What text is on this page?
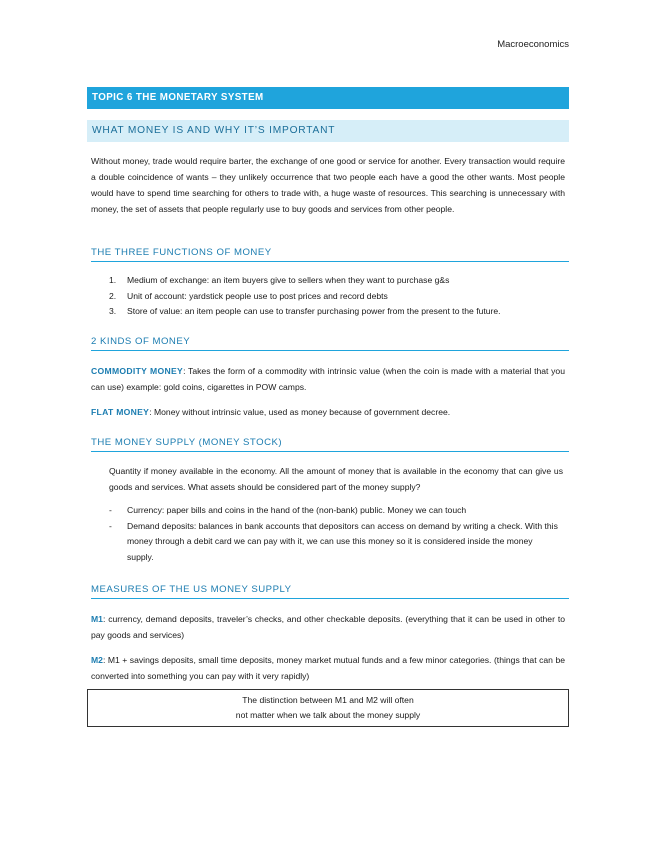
Macroeconomics
TOPIC 6 THE MONETARY SYSTEM
WHAT MONEY IS AND WHY IT’S IMPORTANT
Without money, trade would require barter, the exchange of one good or service for another. Every transaction would require a double coincidence of wants – they unlikely occurrence that two people each have a good the other wants. Most people would have to spend time searching for others to trade with, a huge waste of resources. This searching is unnecessary with money, the set of assets that people regularly use to buy goods and services from other people.
THE THREE FUNCTIONS OF MONEY
1.	Medium of exchange: an item buyers give to sellers when they want to purchase g&s
2.	Unit of account: yardstick people use to post prices and record debts
3.	Store of value: an item people can use to transfer purchasing power from the present to the future.
2 KINDS OF MONEY
COMMODITY MONEY: Takes the form of a commodity with intrinsic value (when the coin is made with a material that you can use) example: gold coins, cigarettes in POW camps.
FLAT MONEY: Money without intrinsic value, used as money because of government decree.
THE MONEY SUPPLY (MONEY STOCK)
Quantity if money available in the economy. All the amount of money that is available in the economy that can give us goods and services. What assets should be considered part of the money supply?
-	Currency: paper bills and coins in the hand of the (non-bank) public. Money we can touch
-	Demand deposits: balances in bank accounts that depositors can access on demand by writing a check. With this money through a debit card we can pay with it, we can use this money so it is considered inside the money supply.
MEASURES OF THE US MONEY SUPPLY
M1: currency, demand deposits, traveler’s checks, and other checkable deposits. (everything that it can be used in other to pay goods and services)
M2: M1 + savings deposits, small time deposits, money market mutual funds and a few minor categories. (things that can be converted into something you can pay with it very rapidly)
The distinction between M1 and M2 will often
not matter when we talk about the money supply
